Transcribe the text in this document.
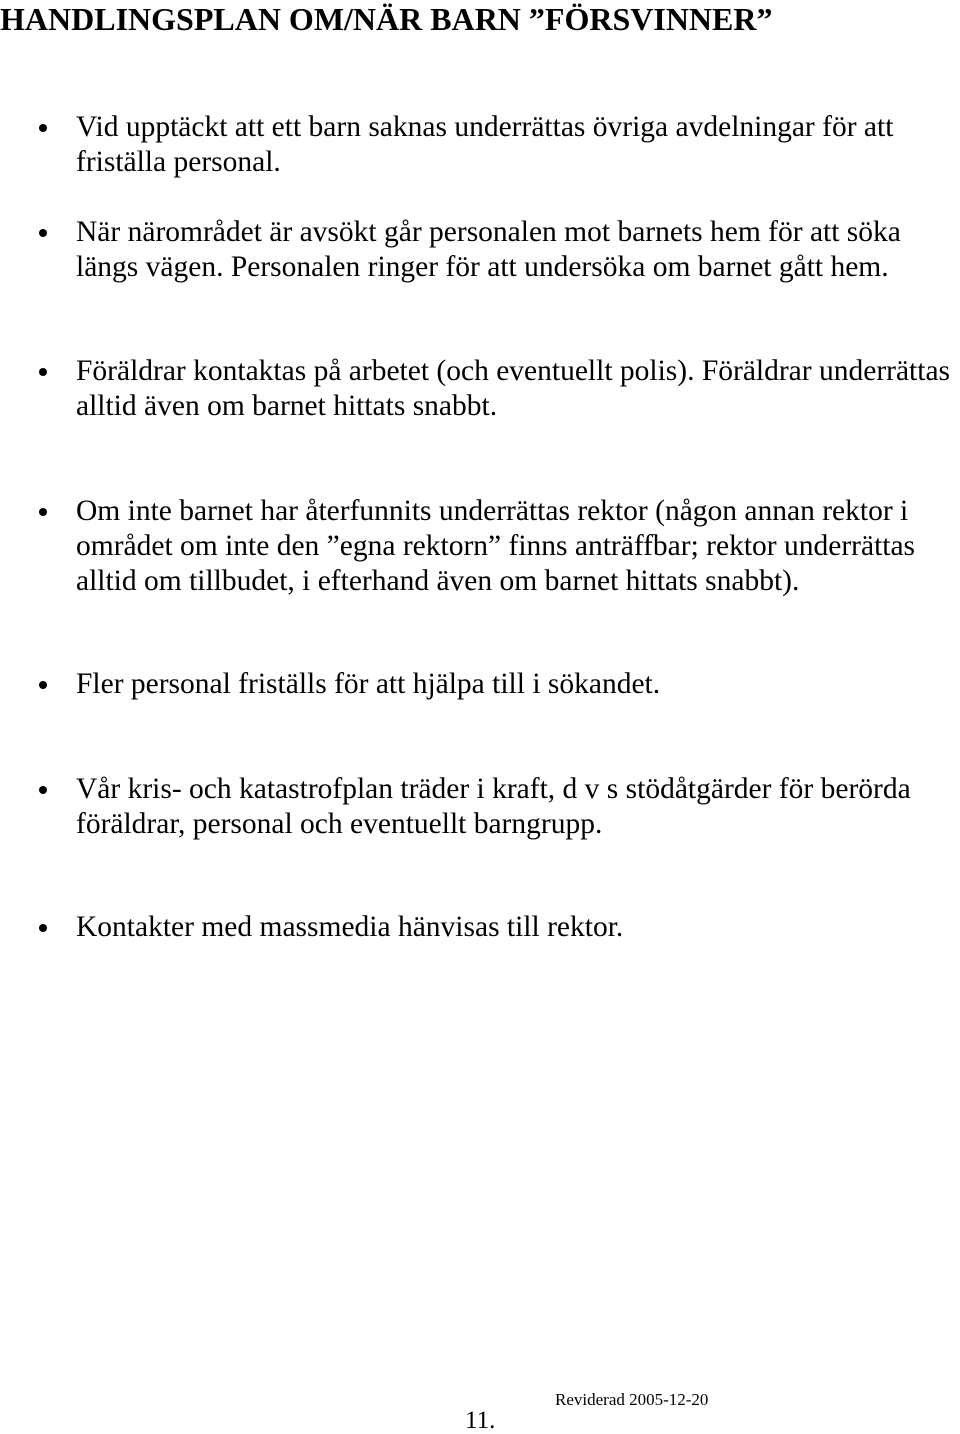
HANDLINGSPLAN OM/NÄR BARN ”FÖRSVINNER”
Vid upptäckt att ett barn saknas underrättas övriga avdelningar för att
friställa personal.
När närområdet är avsökt går personalen mot barnets hem för att söka
längs vägen. Personalen ringer för att undersöka om barnet gått hem.
Föräldrar kontaktas på arbetet (och eventuellt polis). Föräldrar underrättas
alltid även om barnet hittats snabbt.
Om inte barnet har återfunnits underrättas rektor (någon annan rektor i
området om inte den ”egna rektorn” finns anträffbar; rektor underrättas
alltid om tillbudet, i efterhand även om barnet hittats snabbt).
Fler personal friställs för att hjälpa till i sökandet.
Vår kris- och katastrofplan träder i kraft, d v s stödåtgärder för berörda
föräldrar, personal och eventuellt barngrupp.
Kontakter med massmedia hänvisas till rektor.
Reviderad 2005-12-20
11.
